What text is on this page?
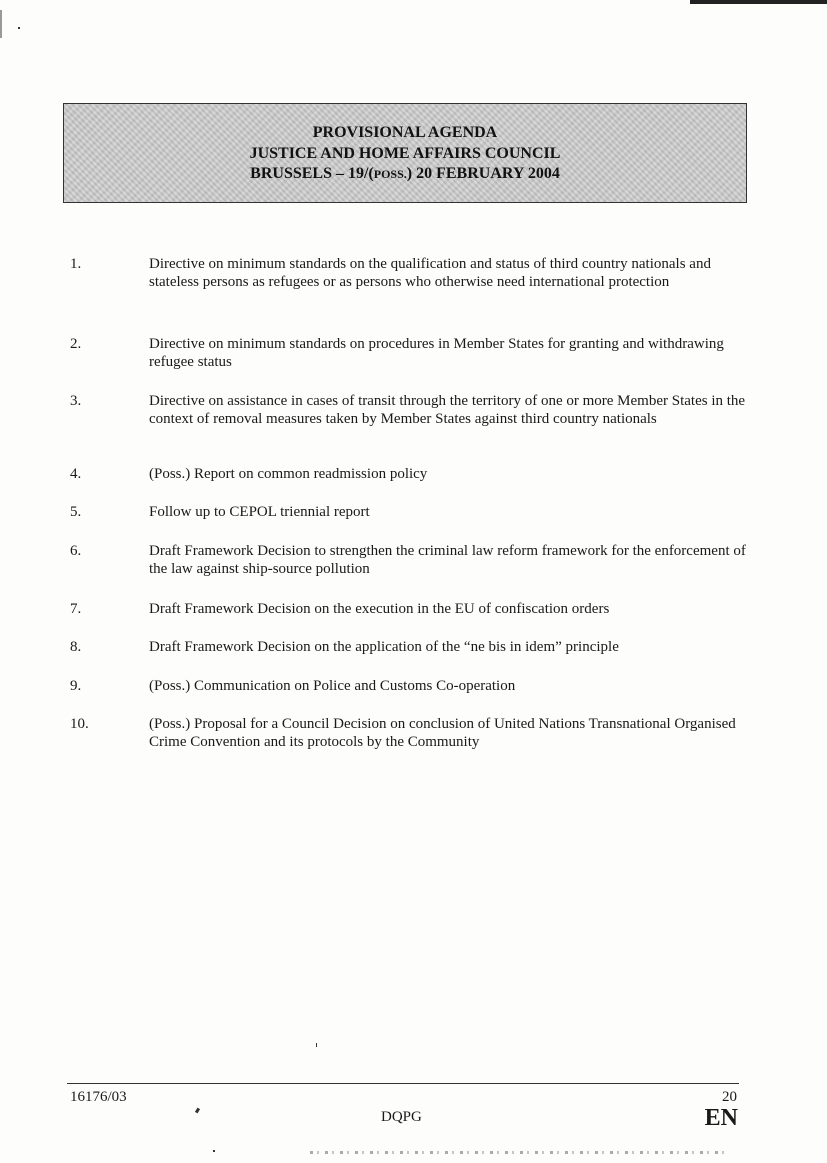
PROVISIONAL AGENDA
JUSTICE AND HOME AFFAIRS COUNCIL
BRUSSELS – 19/(POSS.) 20 FEBRUARY 2004
1.	Directive on minimum standards on the qualification and status of third country nationals and stateless persons as refugees or as persons who otherwise need international protection
2.	Directive on minimum standards on procedures in Member States for granting and withdrawing refugee status
3.	Directive on assistance in cases of transit through the territory of one or more Member States in the context of removal measures taken by Member States against third country nationals
4.	(Poss.) Report on common readmission policy
5.	Follow up to CEPOL triennial report
6.	Draft Framework Decision to strengthen the criminal law reform framework for the enforcement of the law against ship-source pollution
7.	Draft Framework Decision on the execution in the EU of confiscation orders
8.	Draft Framework Decision on the application of the “ne bis in idem” principle
9.	(Poss.) Communication on Police and Customs Co-operation
10.	(Poss.) Proposal for a Council Decision on conclusion of United Nations Transnational Organised Crime Convention and its protocols by the Community
16176/03
DQPG
20
EN
